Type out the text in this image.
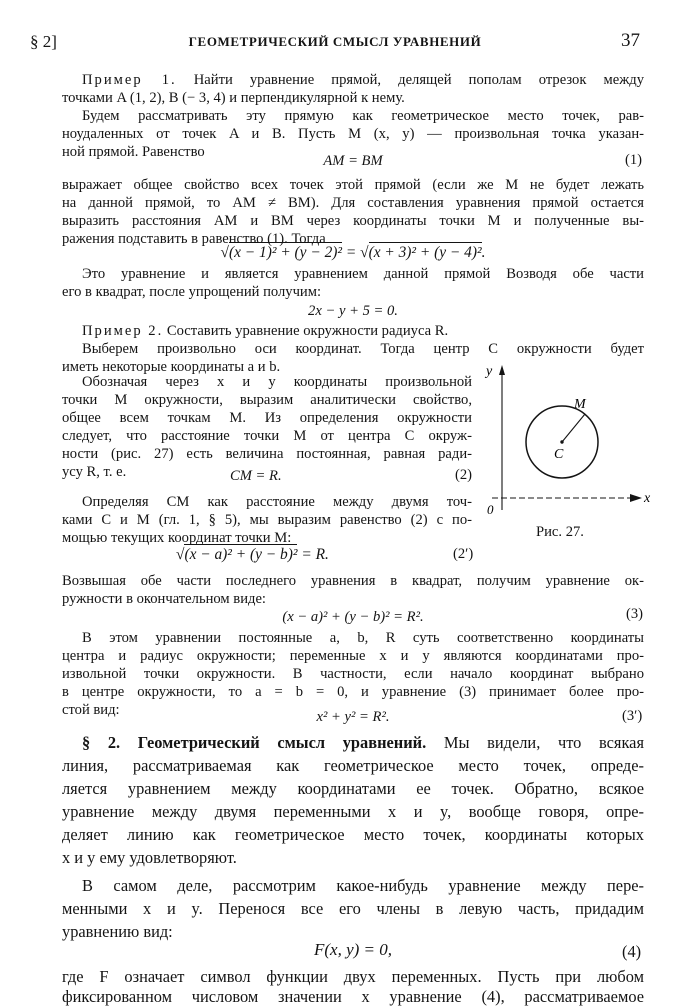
§ 2]	ГЕОМЕТРИЧЕСКИЙ СМЫСЛ УРАВНЕНИЙ	37
Пример 1. Найти уравнение прямой, делящей пополам отрезок между
точками A (1, 2), B (− 3, 4) и перпендикулярной к нему.
Будем рассматривать эту прямую как геометрическое место точек, рав-
ноудаленных от точек A и B. Пусть M (x, y) — произвольная точка указан-
ной прямой. Равенство
AM = BM	(1)
выражает общее свойство всех точек этой прямой (если же M не будет лежать
на данной прямой, то AM ≠ BM). Для составления уравнения прямой остается
выразить расстояния AM и BM через координаты точки M и полученные вы-
ражения подставить в равенство (1). Тогда
√(x − 1)² + (y − 2)² = √(x + 3)² + (y − 4)².
Это уравнение и является уравнением данной прямой Возводя обе части
его в квадрат, после упрощений получим:
2x − y + 5 = 0.
Пример 2. Составить уравнение окружности радиуса R.
Выберем произвольно оси координат. Тогда центр C окружности будет
иметь некоторые координаты a и b.
Обозначая через x и y координаты произвольной
точки M окружности, выразим аналитически свойство,
общее всем точкам M. Из определения окружности
следует, что расстояние точки M от центра C окруж-
ности (рис. 27) есть величина постоянная, равная ради-
усу R, т. е.	CM = R.	(2)
Определяя CM как расстояние между двумя точ-
ками C и M (гл. 1, § 5), мы выразим равенство (2) с по-
мощью текущих координат точки M:
√(x − a)² + (y − b)² = R.	(2′)
y
x
0
M
C
Рис. 27.
Возвышая обе части последнего уравнения в квадрат, получим уравнение ок-
ружности в окончательном виде:
(x − a)² + (y − b)² = R².	(3)
В этом уравнении постоянные a, b, R суть соответственно координаты
центра и радиус окружности; переменные x и y являются координатами про-
извольной точки окружности. В частности, если начало координат выбрано
в центре окружности, то a = b = 0, и уравнение (3) принимает более про-
стой вид:	x² + y² = R².	(3′)
§ 2. Геометрический смысл уравнений. Мы видели, что всякая
линия, рассматриваемая как геометрическое место точек, опреде-
ляется уравнением между координатами ее точек. Обратно, всякое
уравнение между двумя переменными x и y, вообще говоря, опре-
деляет линию как геометрическое место точек, координаты которых
x и y ему удовлетворяют.
В самом деле, рассмотрим какое-нибудь уравнение между пере-
менными x и y. Перенося все его члены в левую часть, придадим
уравнению вид:
F(x, y) = 0,	(4)
где F означает символ функции двух переменных. Пусть при любом
фиксированном числовом значении x уравнение (4), рассматриваемое
